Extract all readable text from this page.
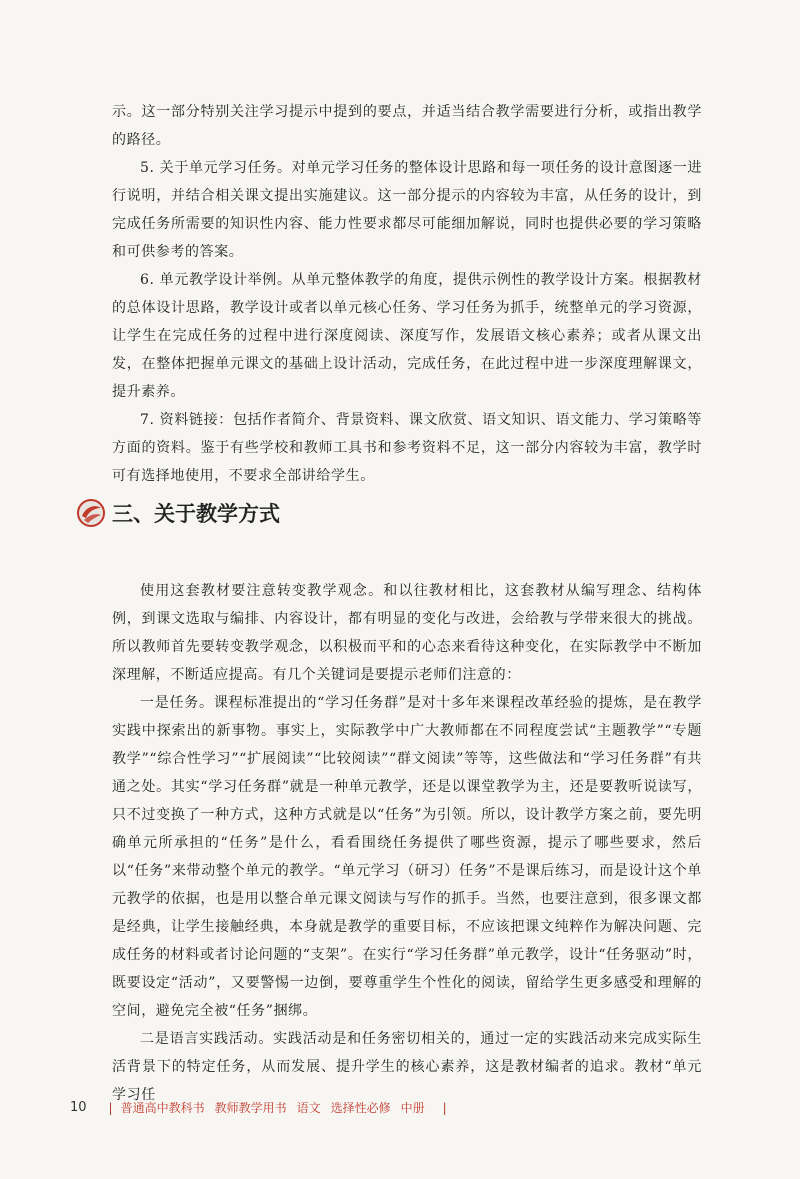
示。这一部分特别关注学习提示中提到的要点，并适当结合教学需要进行分析，或指出教学的路径。

5. 关于单元学习任务。对单元学习任务的整体设计思路和每一项任务的设计意图逐一进行说明，并结合相关课文提出实施建议。这一部分提示的内容较为丰富，从任务的设计，到完成任务所需要的知识性内容、能力性要求都尽可能细加解说，同时也提供必要的学习策略和可供参考的答案。

6. 单元教学设计举例。从单元整体教学的角度，提供示例性的教学设计方案。根据教材的总体设计思路，教学设计或者以单元核心任务、学习任务为抓手，统整单元的学习资源，让学生在完成任务的过程中进行深度阅读、深度写作，发展语文核心素养；或者从课文出发，在整体把握单元课文的基础上设计活动，完成任务，在此过程中进一步深度理解课文，提升素养。

7. 资料链接：包括作者简介、背景资料、课文欣赏、语文知识、语文能力、学习策略等方面的资料。鉴于有些学校和教师工具书和参考资料不足，这一部分内容较为丰富，教学时可有选择地使用，不要求全部讲给学生。

三、关于教学方式

使用这套教材要注意转变教学观念。和以往教材相比，这套教材从编写理念、结构体例，到课文选取与编排、内容设计，都有明显的变化与改进，会给教与学带来很大的挑战。所以教师首先要转变教学观念，以积极而平和的心态来看待这种变化，在实际教学中不断加深理解，不断适应提高。有几个关键词是要提示老师们注意的：

一是任务。课程标准提出的“学习任务群”是对十多年来课程改革经验的提炼，是在教学实践中探索出的新事物。事实上，实际教学中广大教师都在不同程度尝试“主题教学”“专题教学”“综合性学习”“扩展阅读”“比较阅读”“群文阅读”等等，这些做法和“学习任务群”有共通之处。其实“学习任务群”就是一种单元教学，还是以课堂教学为主，还是要教听说读写，只不过变换了一种方式，这种方式就是以“任务”为引领。所以，设计教学方案之前，要先明确单元所承担的“任务”是什么，看看围绕任务提供了哪些资源，提示了哪些要求，然后以“任务”来带动整个单元的教学。“单元学习（研习）任务”不是课后练习，而是设计这个单元教学的依据，也是用以整合单元课文阅读与写作的抓手。当然，也要注意到，很多课文都是经典，让学生接触经典，本身就是教学的重要目标，不应该把课文纯粹作为解决问题、完成任务的材料或者讨论问题的“支架”。在实行“学习任务群”单元教学，设计“任务驱动”时，既要设定“活动”，又要警惕一边倒，要尊重学生个性化的阅读，留给学生更多感受和理解的空间，避免完全被“任务”捆绑。

二是语言实践活动。实践活动是和任务密切相关的，通过一定的实践活动来完成实际生活背景下的特定任务，从而发展、提升学生的核心素养，这是教材编者的追求。教材“单元学习任

10 | 普通高中教科书 教师教学用书 语文 选择性必修 中册 |
